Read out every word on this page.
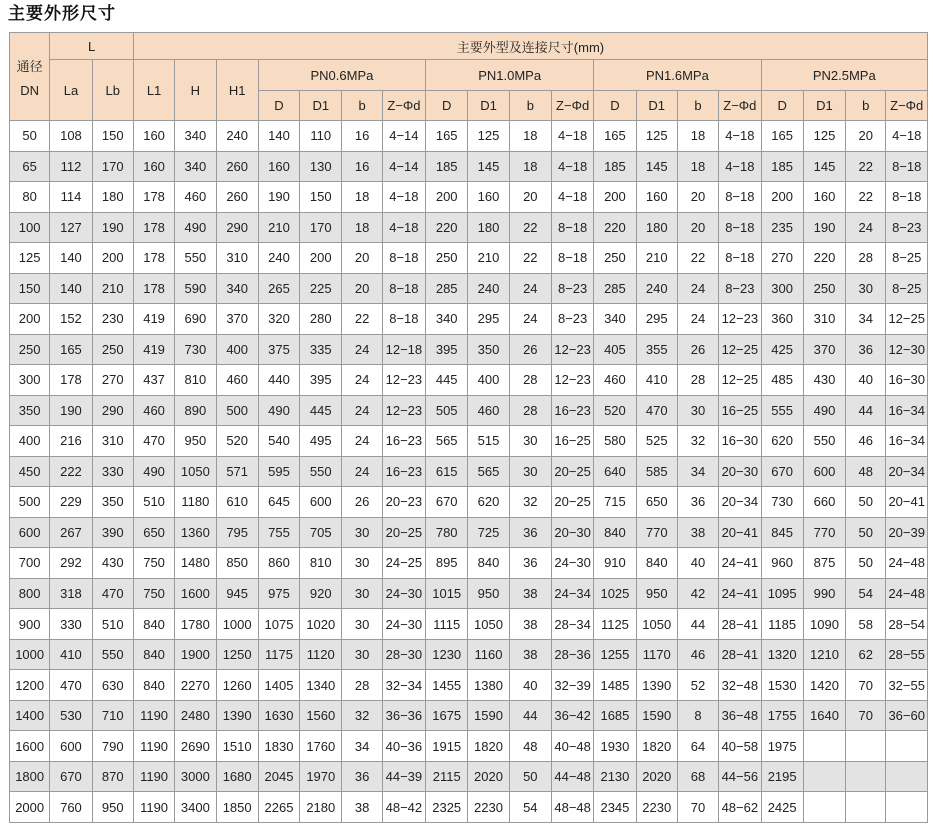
主要外形尺寸
通径
DN	L		主要外型及连接尺寸(mm)																		
	La	Lb	L1	H	H1	PN0.6MPa				PN1.0MPa				PN1.6MPa				PN2.5MPa			
						D	D1	b	Z−Φd	D	D1	b	Z−Φd	D	D1	b	Z−Φd	D	D1	b	Z−Φd
50	108	150	160	340	240	140	110	16	4−14	165	125	18	4−18	165	125	18	4−18	165	125	20	4−18
65	112	170	160	340	260	160	130	16	4−14	185	145	18	4−18	185	145	18	4−18	185	145	22	8−18
80	114	180	178	460	260	190	150	18	4−18	200	160	20	4−18	200	160	20	8−18	200	160	22	8−18
100	127	190	178	490	290	210	170	18	4−18	220	180	22	8−18	220	180	20	8−18	235	190	24	8−23
125	140	200	178	550	310	240	200	20	8−18	250	210	22	8−18	250	210	22	8−18	270	220	28	8−25
150	140	210	178	590	340	265	225	20	8−18	285	240	24	8−23	285	240	24	8−23	300	250	30	8−25
200	152	230	419	690	370	320	280	22	8−18	340	295	24	8−23	340	295	24	12−23	360	310	34	12−25
250	165	250	419	730	400	375	335	24	12−18	395	350	26	12−23	405	355	26	12−25	425	370	36	12−30
300	178	270	437	810	460	440	395	24	12−23	445	400	28	12−23	460	410	28	12−25	485	430	40	16−30
350	190	290	460	890	500	490	445	24	12−23	505	460	28	16−23	520	470	30	16−25	555	490	44	16−34
400	216	310	470	950	520	540	495	24	16−23	565	515	30	16−25	580	525	32	16−30	620	550	46	16−34
450	222	330	490	1050	571	595	550	24	16−23	615	565	30	20−25	640	585	34	20−30	670	600	48	20−34
500	229	350	510	1180	610	645	600	26	20−23	670	620	32	20−25	715	650	36	20−34	730	660	50	20−41
600	267	390	650	1360	795	755	705	30	20−25	780	725	36	20−30	840	770	38	20−41	845	770	50	20−39
700	292	430	750	1480	850	860	810	30	24−25	895	840	36	24−30	910	840	40	24−41	960	875	50	24−48
800	318	470	750	1600	945	975	920	30	24−30	1015	950	38	24−34	1025	950	42	24−41	1095	990	54	24−48
900	330	510	840	1780	1000	1075	1020	30	24−30	1115	1050	38	28−34	1125	1050	44	28−41	1185	1090	58	28−54
1000	410	550	840	1900	1250	1175	1120	30	28−30	1230	1160	38	28−36	1255	1170	46	28−41	1320	1210	62	28−55
1200	470	630	840	2270	1260	1405	1340	28	32−34	1455	1380	40	32−39	1485	1390	52	32−48	1530	1420	70	32−55
1400	530	710	1190	2480	1390	1630	1560	32	36−36	1675	1590	44	36−42	1685	1590	8	36−48	1755	1640	70	36−60
1600	600	790	1190	2690	1510	1830	1760	34	40−36	1915	1820	48	40−48	1930	1820	64	40−58	1975			
1800	670	870	1190	3000	1680	2045	1970	36	44−39	2115	2020	50	44−48	2130	2020	68	44−56	2195			
2000	760	950	1190	3400	1850	2265	2180	38	48−42	2325	2230	54	48−48	2345	2230	70	48−62	2425			
